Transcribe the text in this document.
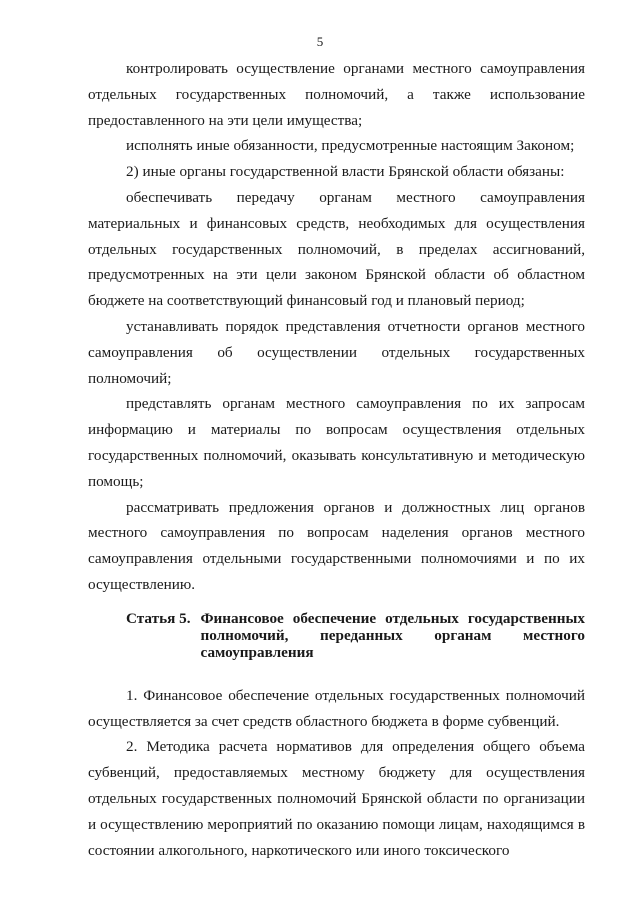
5

контролировать осуществление органами местного самоуправления отдельных государственных полномочий, а также использование предоставленного на эти цели имущества;

исполнять иные обязанности, предусмотренные настоящим Законом;

2) иные органы государственной власти Брянской области обязаны:

обеспечивать передачу органам местного самоуправления материальных и финансовых средств, необходимых для осуществления отдельных государственных полномочий, в пределах ассигнований, предусмотренных на эти цели законом Брянской области об областном бюджете на соответствующий финансовый год и плановый период;

устанавливать порядок представления отчетности органов местного самоуправления об осуществлении отдельных государственных полномочий;

представлять органам местного самоуправления по их запросам информацию и материалы по вопросам осуществления отдельных государственных полномочий, оказывать консультативную и методическую помощь;

рассматривать предложения органов и должностных лиц органов местного самоуправления по вопросам наделения органов местного самоуправления отдельными государственными полномочиями и по их осуществлению.

Статья 5. Финансовое обеспечение отдельных государственных полномочий, переданных органам местного самоуправления

1. Финансовое обеспечение отдельных государственных полномочий осуществляется за счет средств областного бюджета в форме субвенций.

2. Методика расчета нормативов для определения общего объема субвенций, предоставляемых местному бюджету для осуществления отдельных государственных полномочий Брянской области по организации и осуществлению мероприятий по оказанию помощи лицам, находящимся в состоянии алкогольного, наркотического или иного токсического
